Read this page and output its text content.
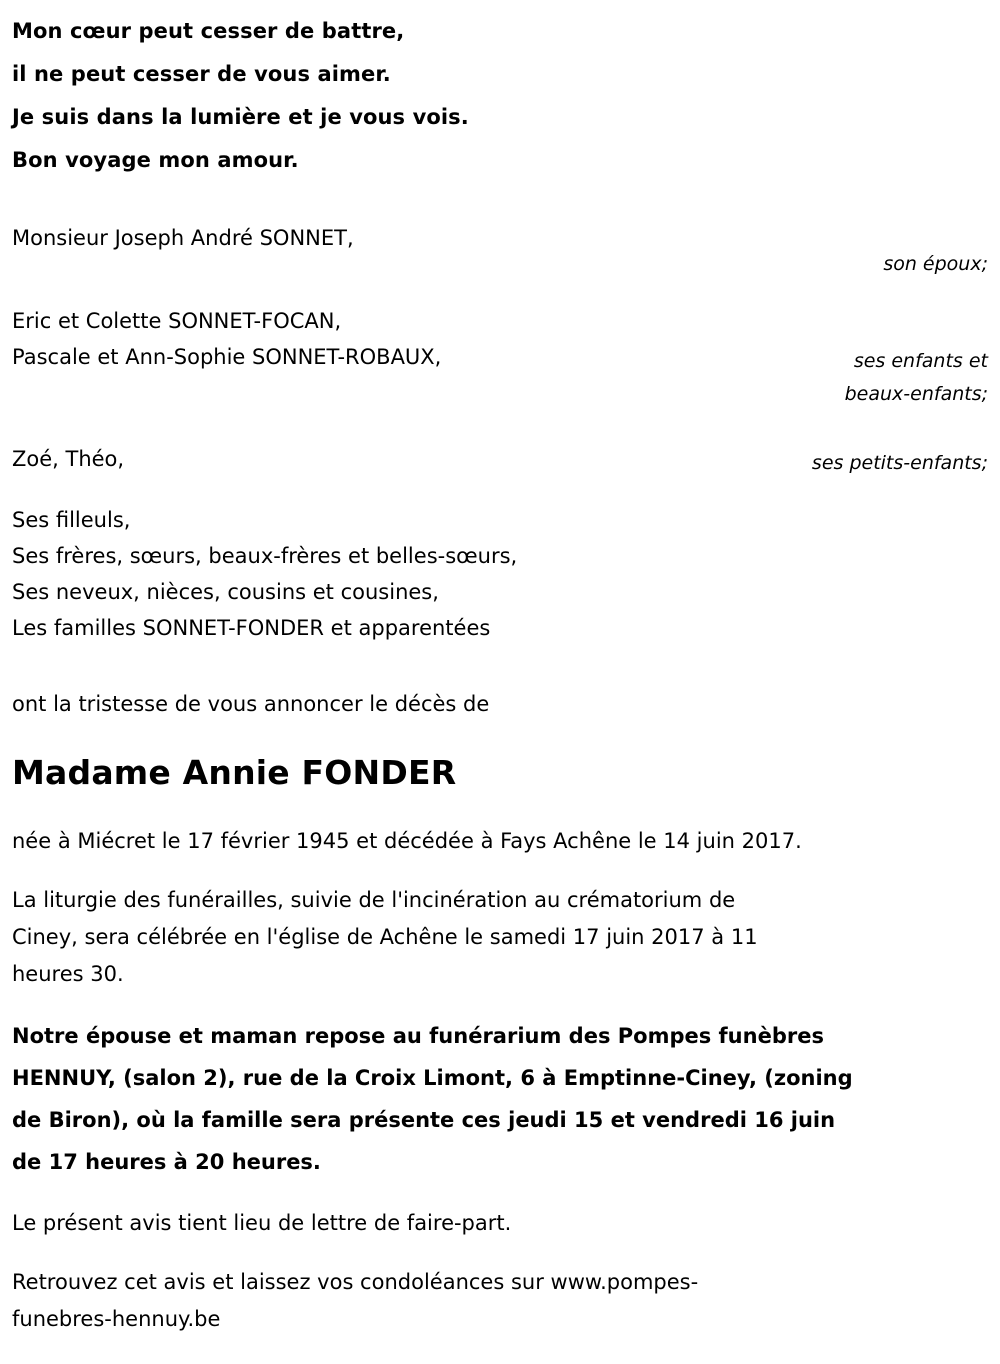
Mon cœur peut cesser de battre,
il ne peut cesser de vous aimer.
Je suis dans la lumière et je vous vois.
Bon voyage mon amour.
Monsieur Joseph André SONNET,
son époux;
Eric et Colette SONNET-FOCAN,
Pascale et Ann-Sophie SONNET-ROBAUX,	ses enfants et
beaux-enfants;
Zoé, Théo,	ses petits-enfants;
Ses filleuls,
Ses frères, sœurs, beaux-frères et belles-sœurs,
Ses neveux, nièces, cousins et cousines,
Les familles SONNET-FONDER et apparentées
ont la tristesse de vous annoncer le décès de
Madame Annie FONDER
née à Miécret le 17 février 1945 et décédée à Fays Achêne le 14 juin 2017.
La liturgie des funérailles, suivie de l'incinération au crématorium de
Ciney, sera célébrée en l'église de Achêne le samedi 17 juin 2017 à 11
heures 30.
Notre épouse et maman repose au funérarium des Pompes funèbres
HENNUY, (salon 2), rue de la Croix Limont, 6 à Emptinne-Ciney, (zoning
de Biron), où la famille sera présente ces jeudi 15 et vendredi 16 juin
de 17 heures à 20 heures.
Le présent avis tient lieu de lettre de faire-part.
Retrouvez cet avis et laissez vos condoléances sur www.pompes-
funebres-hennuy.be
